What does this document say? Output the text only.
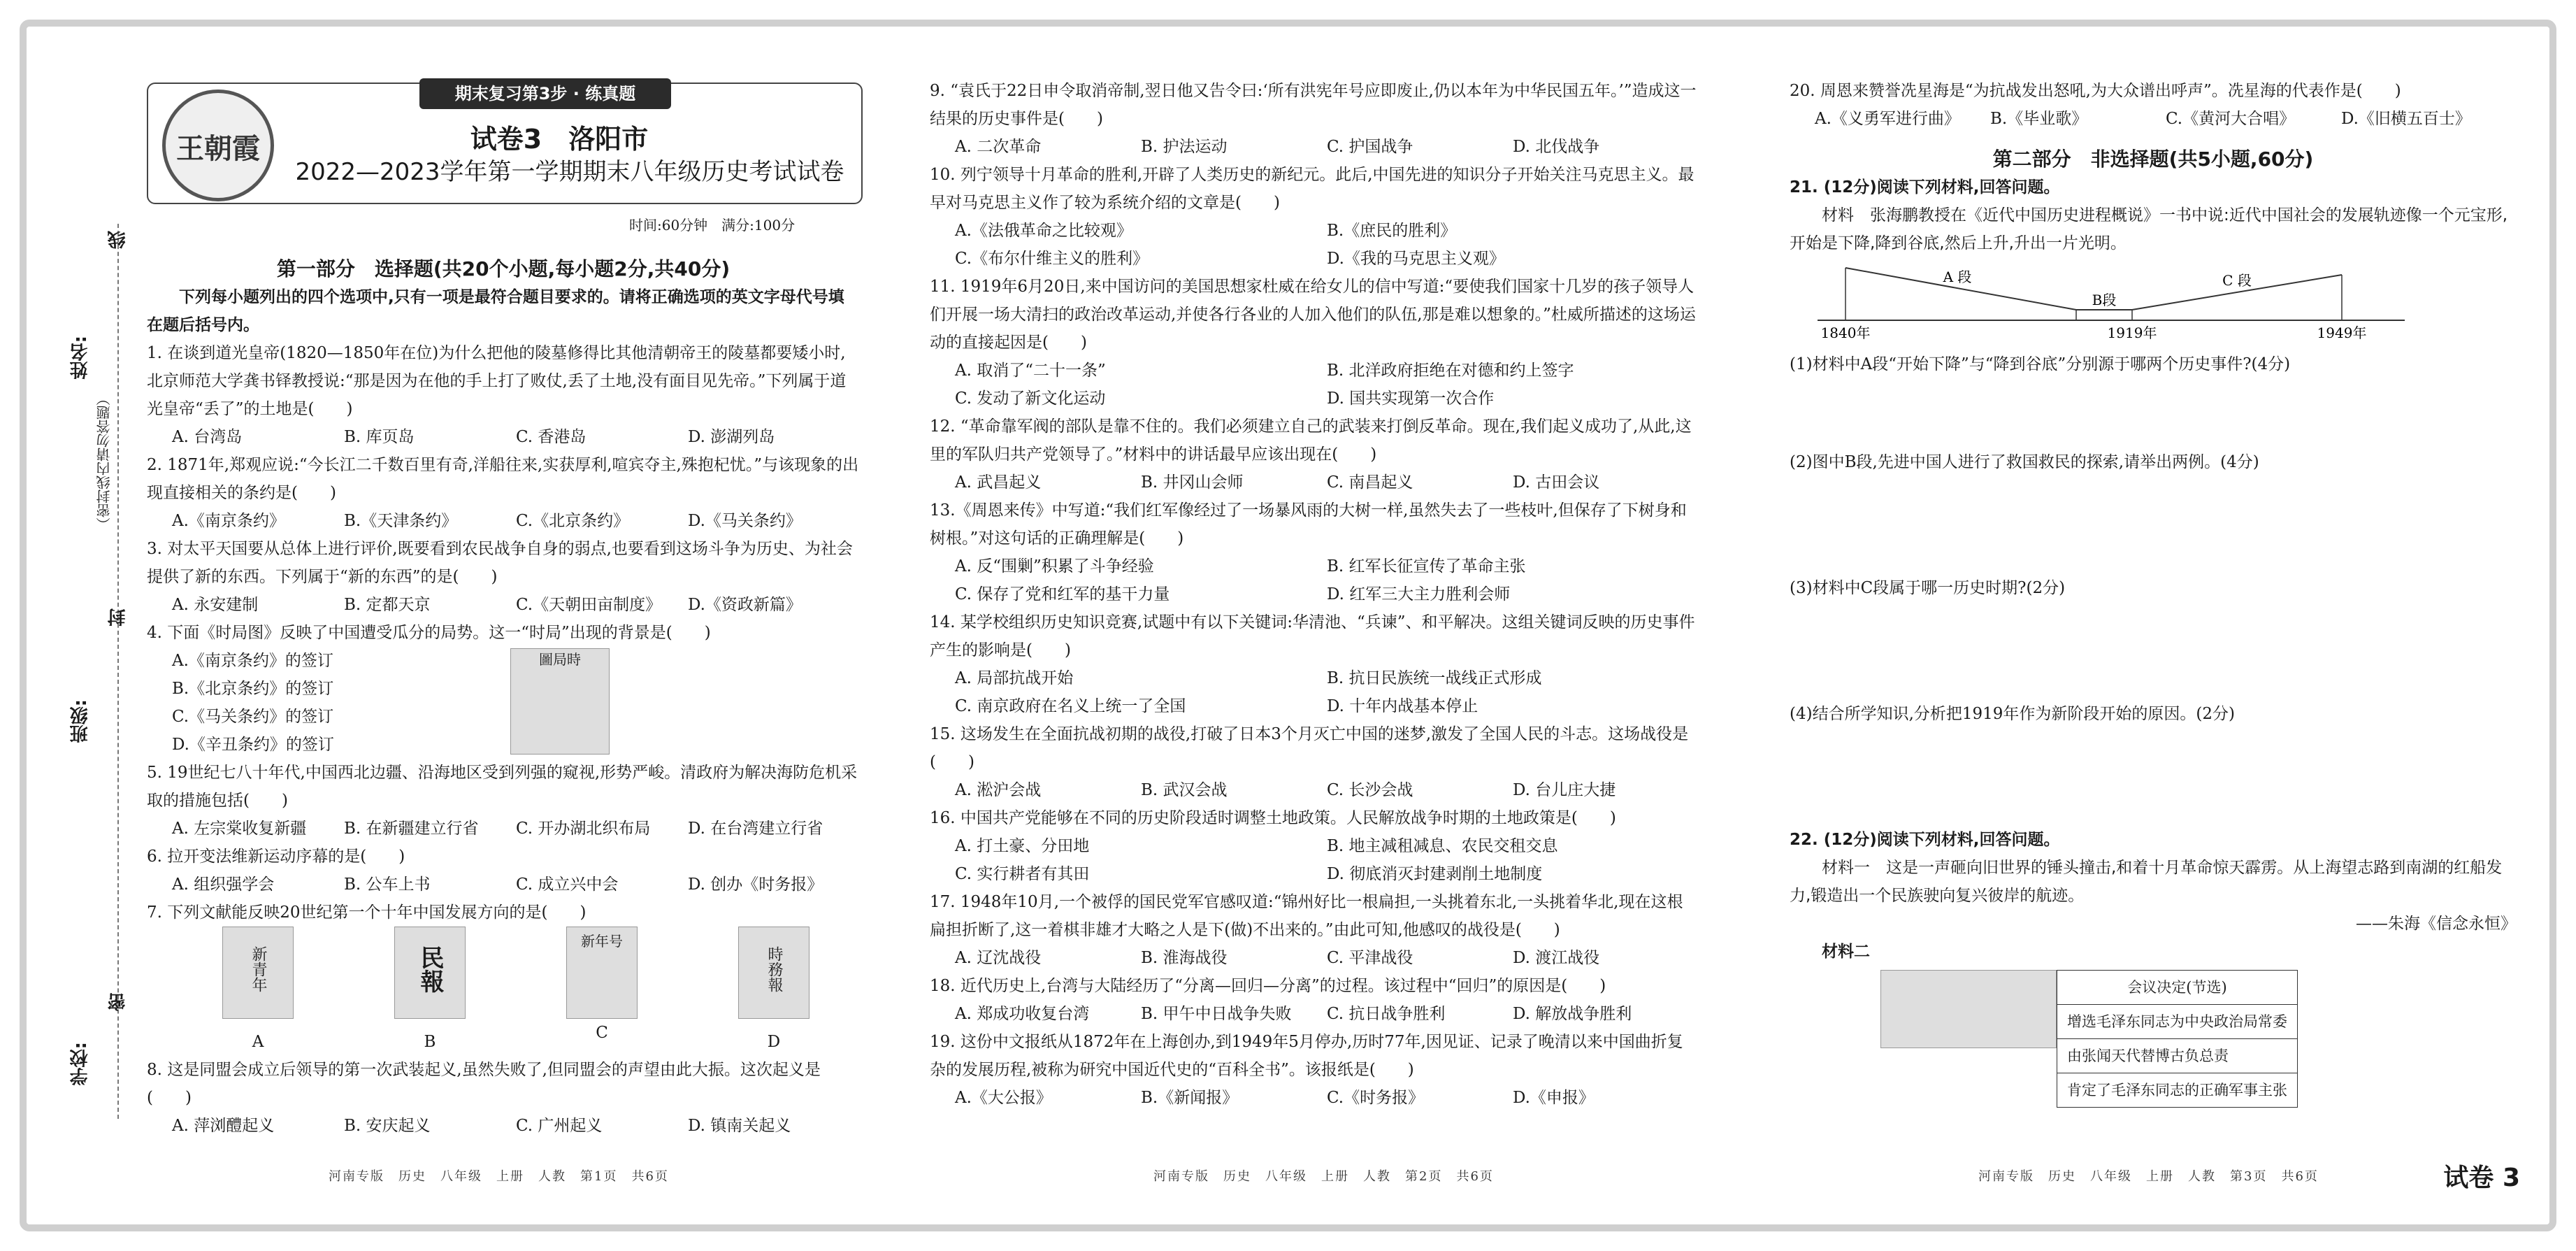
姓名:
（密封线内请勿答题）
线
封
密
班级:
学校:
期末复习第3步 · 练真题
王朝霞	试卷3　洛阳市
2022—2023学年第一学期期末八年级历史考试试卷
时间:60分钟　满分:100分

第一部分　选择题(共20个小题,每小题2分,共40分)

下列每小题列出的四个选项中,只有一项是最符合题目要求的。请将正确选项的英文字母代号填在题后括号内。

1. 在谈到道光皇帝(1820—1850年在位)为什么把他的陵墓修得比其他清朝帝王的陵墓都要矮小时,北京师范大学龚书铎教授说:“那是因为在他的手上打了败仗,丢了土地,没有面目见先帝。”下列属于道光皇帝“丢了”的土地是(　　)

A. 台湾岛	B. 库页岛	C. 香港岛	D. 澎湖列岛

2. 1871年,郑观应说:“今长江二千数百里有奇,洋船往来,实获厚利,喧宾夺主,殊抱杞忧。”与该现象的出现直接相关的条约是(　　)

A.《南京条约》	B.《天津条约》	C.《北京条约》	D.《马关条约》

3. 对太平天国要从总体上进行评价,既要看到农民战争自身的弱点,也要看到这场斗争为历史、为社会提供了新的东西。下列属于“新的东西”的是(　　)

A. 永安建制	B. 定都天京	C.《天朝田亩制度》	D.《资政新篇》

4. 下面《时局图》反映了中国遭受瓜分的局势。这一“时局”出现的背景是(　　)

A.《南京条约》的签订
B.《北京条约》的签订
C.《马关条约》的签订
D.《辛丑条约》的签订
圖局時

5. 19世纪七八十年代,中国西北边疆、沿海地区受到列强的窥视,形势严峻。清政府为解决海防危机采取的措施包括(　　)

A. 左宗棠收复新疆	B. 在新疆建立行省	C. 开办湖北织布局	D. 在台湾建立行省

6. 拉开变法维新运动序幕的是(　　)

A. 组织强学会	B. 公车上书	C. 成立兴中会	D. 创办《时务报》

7. 下列文献能反映20世纪第一个十年中国发展方向的是(　　)

新青年
A
民報
B
新年号
C
時務報
D

8. 这是同盟会成立后领导的第一次武装起义,虽然失败了,但同盟会的声望由此大振。这次起义是(　　)

A. 萍浏醴起义	B. 安庆起义	C. 广州起义	D. 镇南关起义

9. “袁氏于22日申令取消帝制,翌日他又告令曰:‘所有洪宪年号应即废止,仍以本年为中华民国五年。’”造成这一结果的历史事件是(　　)

A. 二次革命	B. 护法运动	C. 护国战争	D. 北伐战争

10. 列宁领导十月革命的胜利,开辟了人类历史的新纪元。此后,中国先进的知识分子开始关注马克思主义。最早对马克思主义作了较为系统介绍的文章是(　　)

A.《法俄革命之比较观》	B.《庶民的胜利》
C.《布尔什维主义的胜利》	D.《我的马克思主义观》

11. 1919年6月20日,来中国访问的美国思想家杜威在给女儿的信中写道:“要使我们国家十几岁的孩子领导人们开展一场大清扫的政治改革运动,并使各行各业的人加入他们的队伍,那是难以想象的。”杜威所描述的这场运动的直接起因是(　　)

A. 取消了“二十一条”	B. 北洋政府拒绝在对德和约上签字
C. 发动了新文化运动	D. 国共实现第一次合作

12. “革命靠军阀的部队是靠不住的。我们必须建立自己的武装来打倒反革命。现在,我们起义成功了,从此,这里的军队归共产党领导了。”材料中的讲话最早应该出现在(　　)

A. 武昌起义	B. 井冈山会师	C. 南昌起义	D. 古田会议

13.《周恩来传》中写道:“我们红军像经过了一场暴风雨的大树一样,虽然失去了一些枝叶,但保存了下树身和树根。”对这句话的正确理解是(　　)

A. 反“围剿”积累了斗争经验	B. 红军长征宣传了革命主张
C. 保存了党和红军的基干力量	D. 红军三大主力胜利会师

14. 某学校组织历史知识竞赛,试题中有以下关键词:华清池、“兵谏”、和平解决。这组关键词反映的历史事件产生的影响是(　　)

A. 局部抗战开始	B. 抗日民族统一战线正式形成
C. 南京政府在名义上统一了全国	D. 十年内战基本停止

15. 这场发生在全面抗战初期的战役,打破了日本3个月灭亡中国的迷梦,激发了全国人民的斗志。这场战役是(　　)

A. 淞沪会战	B. 武汉会战	C. 长沙会战	D. 台儿庄大捷

16. 中国共产党能够在不同的历史阶段适时调整土地政策。人民解放战争时期的土地政策是(　　)

A. 打土豪、分田地	B. 地主减租减息、农民交租交息
C. 实行耕者有其田	D. 彻底消灭封建剥削土地制度

17. 1948年10月,一个被俘的国民党军官感叹道:“锦州好比一根扁担,一头挑着东北,一头挑着华北,现在这根扁担折断了,这一着棋非雄才大略之人是下(做)不出来的。”由此可知,他感叹的战役是(　　)

A. 辽沈战役	B. 淮海战役	C. 平津战役	D. 渡江战役

18. 近代历史上,台湾与大陆经历了“分离—回归—分离”的过程。该过程中“回归”的原因是(　　)

A. 郑成功收复台湾	B. 甲午中日战争失败	C. 抗日战争胜利	D. 解放战争胜利

19. 这份中文报纸从1872年在上海创办,到1949年5月停办,历时77年,因见证、记录了晚清以来中国曲折复杂的发展历程,被称为研究中国近代史的“百科全书”。该报纸是(　　)

A.《大公报》	B.《新闻报》	C.《时务报》	D.《申报》

20. 周恩来赞誉冼星海是“为抗战发出怒吼,为大众谱出呼声”。冼星海的代表作是(　　)

A.《义勇军进行曲》	B.《毕业歌》	C.《黄河大合唱》	D.《旧横五百士》

第二部分　非选择题(共5小题,60分)

21. (12分)阅读下列材料,回答问题。

材料　张海鹏教授在《近代中国历史进程概说》一书中说:近代中国社会的发展轨迹像一个元宝形,开始是下降,降到谷底,然后上升,升出一片光明。

1840年	1919年	1949年
A 段
B段
C 段

(1)材料中A段“开始下降”与“降到谷底”分别源于哪两个历史事件?(4分)

(2)图中B段,先进中国人进行了救国救民的探索,请举出两例。(4分)

(3)材料中C段属于哪一历史时期?(2分)

(4)结合所学知识,分析把1919年作为新阶段开始的原因。(2分)

22. (12分)阅读下列材料,回答问题。

材料一　这是一声砸向旧世界的锤头撞击,和着十月革命惊天霹雳。从上海望志路到南湖的红船发力,锻造出一个民族驶向复兴彼岸的航迹。

——朱海《信念永恒》

材料二

会议决定(节选)
增选毛泽东同志为中央政治局常委
由张闻天代替博古负总责
肯定了毛泽东同志的正确军事主张
河南专版　历史　八年级　上册　人教　第1页　共6页	河南专版　历史　八年级　上册　人教　第2页　共6页	河南专版　历史　八年级　上册　人教　第3页　共6页	试卷 3
